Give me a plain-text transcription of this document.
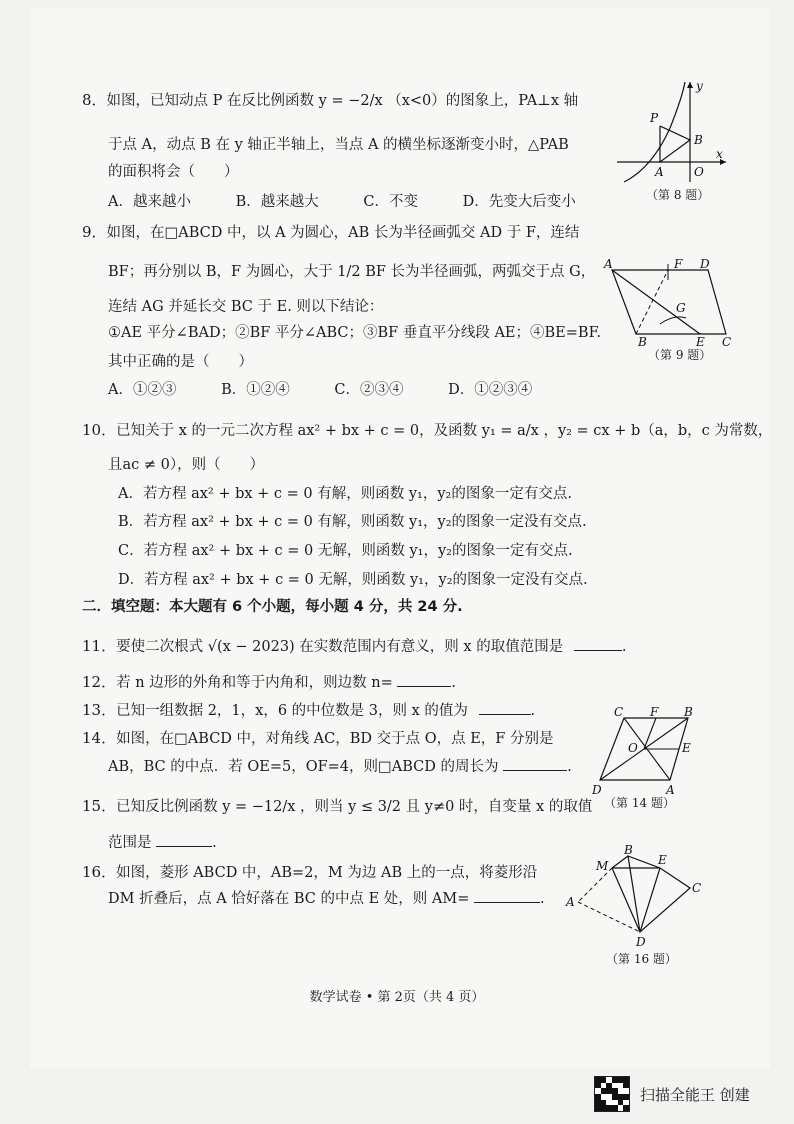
8．如图，已知动点 P 在反比例函数 y = −2/x （x<0）的图象上，PA⊥x 轴
于点 A，动点 B 在 y 轴正半轴上，当点 A 的横坐标逐渐变小时，△PAB
的面积将会（　　）
A．越来越小	B．越来越大	C．不变	D．先变大后变小
P
A
B
O
x
y
（第 8 题）
9．如图，在□ABCD 中，以 A 为圆心，AB 长为半径画弧交 AD 于 F，连结
BF；再分别以 B，F 为圆心，大于 1/2 BF 长为半径画弧，两弧交于点 G，
连结 AG 并延长交 BC 于 E. 则以下结论：
①AE 平分∠BAD；②BF 平分∠ABC；③BF 垂直平分线段 AE；④BE=BF.
其中正确的是（　　）
A．①②③	B．①②④	C．②③④	D．①②③④
A	F D
G
B	E C
（第 9 题）
10．已知关于 x 的一元二次方程 ax² + bx + c = 0，及函数 y₁ = a/x ，y₂ = cx + b（a，b，c 为常数，
且ac ≠ 0），则（　　）
A．若方程 ax² + bx + c = 0 有解，则函数 y₁，y₂的图象一定有交点.
B．若方程 ax² + bx + c = 0 有解，则函数 y₁，y₂的图象一定没有交点.
C．若方程 ax² + bx + c = 0 无解，则函数 y₁，y₂的图象一定有交点.
D．若方程 ax² + bx + c = 0 无解，则函数 y₁，y₂的图象一定没有交点.
二．填空题：本大题有 6 个小题，每小题 4 分，共 24 分.
11．要使二次根式 √(x − 2023) 在实数范围内有意义，则 x 的取值范围是	.
12．若 n 边形的外角和等于内角和，则边数 n=	.
13．已知一组数据 2，1，x，6 的中位数是 3，则 x 的值为	.
14．如图，在□ABCD 中，对角线 AC，BD 交于点 O，点 E，F 分别是
AB，BC 的中点．若 OE=5，OF=4，则□ABCD 的周长为	.
C F B
O	E
D	A
（第 14 题）
15．已知反比例函数 y = −12/x ，则当 y ≤ 3/2 且 y≠0 时，自变量 x 的取值
范围是	.
16．如图，菱形 ABCD 中，AB=2，M 为边 AB 上的一点，将菱形沿
DM 折叠后，点 A 恰好落在 BC 的中点 E 处，则 AM=	.
M
B
E
C
A
D
（第 16 题）
数学试卷 • 第 2页（共 4 页）
扫描全能王 创建
